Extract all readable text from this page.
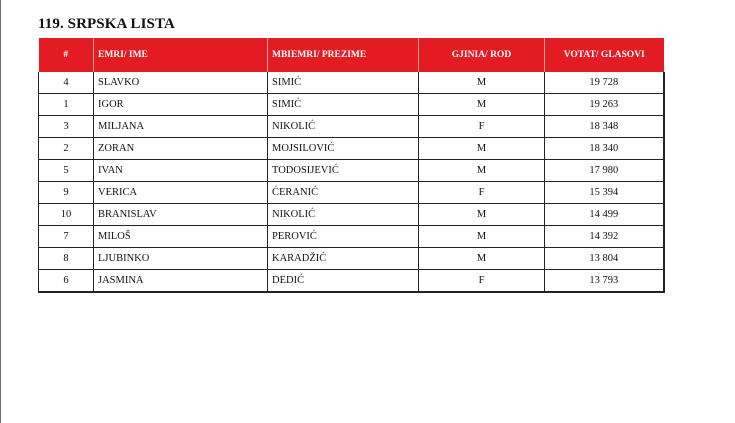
119. SRPSKA LISTA
#	EMRI/ IME	MBIEMRI/ PREZIME	GJINIA/ ROD	VOTAT/ GLASOVI
4	SLAVKO	SIMIĆ	M	19 728
1	IGOR	SIMIĆ	M	19 263
3	MILJANA	NIKOLIĆ	F	18 348
2	ZORAN	MOJSILOVIĆ	M	18 340
5	IVAN	TODOSIJEVIĆ	M	17 980
9	VERICA	ĆERANIĆ	F	15 394
10	BRANISLAV	NIKOLIĆ	M	14 499
7	MILOŠ	PEROVIĆ	M	14 392
8	LJUBINKO	KARADŽIĆ	M	13 804
6	JASMINA	DEDIĆ	F	13 793
